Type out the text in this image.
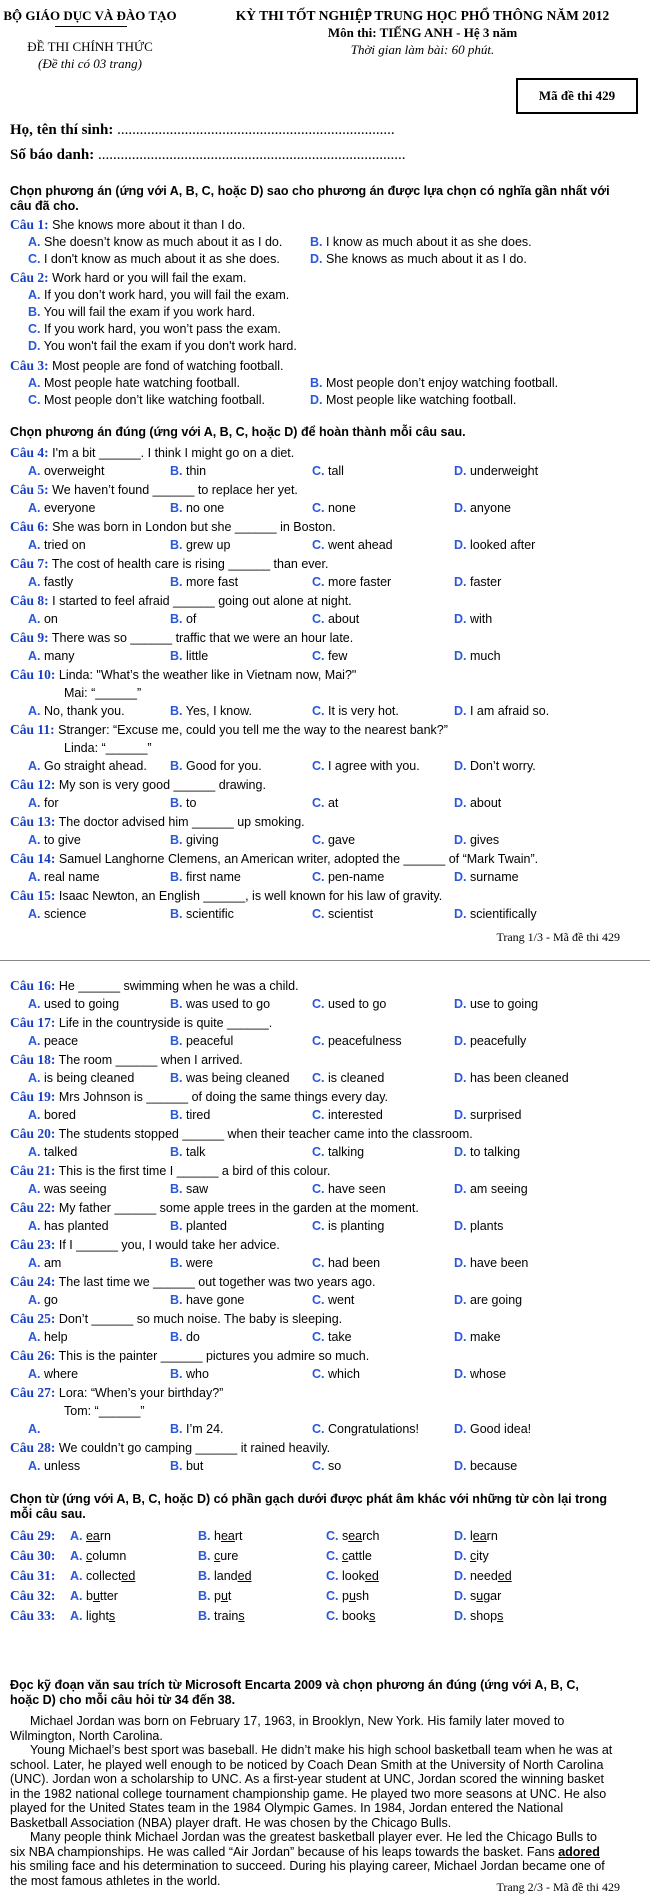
BỘ GIÁO DỤC VÀ ĐÀO TẠO
ĐỀ THI CHÍNH THỨC
(Đề thi có 03 trang)
KỲ THI TỐT NGHIỆP TRUNG HỌC PHỔ THÔNG NĂM 2012
Môn thi: TIẾNG ANH - Hệ 3 năm
Thời gian làm bài: 60 phút.
Mã đề thi 429
Họ, tên thí sinh: ..........................................................................
Số báo danh: ..................................................................................
Chọn phương án (ứng với A, B, C, hoặc D) sao cho phương án được lựa chọn có nghĩa gần nhất với câu đã cho.
Câu 1: She knows more about it than I do.
A. She doesn’t know as much about it as I do. B. I know as much about it as she does.
C. I don't know as much about it as she does. D. She knows as much about it as I do.
Câu 2: Work hard or you will fail the exam.
A. If you don’t work hard, you will fail the exam.
B. You will fail the exam if you work hard.
C. If you work hard, you won’t pass the exam.
D. You won't fail the exam if you don't work hard.
Câu 3: Most people are fond of watching football.
A. Most people hate watching football.	B. Most people don’t enjoy watching football.
C. Most people don’t like watching football.	D. Most people like watching football.
Chọn phương án đúng (ứng với A, B, C, hoặc D) để hoàn thành mỗi câu sau.
Câu 4: I'm a bit ______. I think I might go on a diet.
A. overweight	B. thin	C. tall	D. underweight
Câu 5: We haven’t found ______ to replace her yet.
A. everyone	B. no one	C. none	D. anyone
Câu 6: She was born in London but she ______ in Boston.
A. tried on	B. grew up	C. went ahead	D. looked after
Câu 7: The cost of health care is rising ______ than ever.
A. fastly	B. more fast	C. more faster	D. faster
Câu 8: I started to feel afraid ______ going out alone at night.
A. on	B. of	C. about	D. with
Câu 9: There was so ______ traffic that we were an hour late.
A. many	B. little	C. few	D. much
Câu 10: Linda: "What’s the weather like in Vietnam now, Mai?"
Mai: “______”
A. No, thank you.	B. Yes, I know.	C. It is very hot.	D. I am afraid so.
Câu 11: Stranger: “Excuse me, could you tell me the way to the nearest bank?”
Linda: “______”
A. Go straight ahead. B. Good for you.	C. I agree with you.	D. Don’t worry.
Câu 12: My son is very good ______ drawing.
A. for	B. to	C. at	D. about
Câu 13: The doctor advised him ______ up smoking.
A. to give	B. giving	C. gave	D. gives
Câu 14: Samuel Langhorne Clemens, an American writer, adopted the ______ of “Mark Twain”.
A. real name	B. first name	C. pen-name	D. surname
Câu 15: Isaac Newton, an English ______, is well known for his law of gravity.
A. science	B. scientific	C. scientist	D. scientifically
Trang 1/3 - Mã đề thi 429
Câu 16: He ______ swimming when he was a child.
A. used to going	B. was used to go	C. used to go	D. use to going
Câu 17: Life in the countryside is quite ______.
A. peace	B. peaceful	C. peacefulness	D. peacefully
Câu 18: The room ______ when I arrived.
A. is being cleaned	B. was being cleaned C. is cleaned	D. has been cleaned
Câu 19: Mrs Johnson is ______ of doing the same things every day.
A. bored	B. tired	C. interested	D. surprised
Câu 20: The students stopped ______ when their teacher came into the classroom.
A. talked	B. talk	C. talking	D. to talking
Câu 21: This is the first time I ______ a bird of this colour.
A. was seeing	B. saw	C. have seen	D. am seeing
Câu 22: My father ______ some apple trees in the garden at the moment.
A. has planted	B. planted	C. is planting	D. plants
Câu 23: If I ______ you, I would take her advice.
A. am	B. were	C. had been	D. have been
Câu 24: The last time we ______ out together was two years ago.
A. go	B. have gone	C. went	D. are going
Câu 25: Don’t ______ so much noise. The baby is sleeping.
A. help	B. do	C. take	D. make
Câu 26: This is the painter ______ pictures you admire so much.
A. where	B. who	C. which	D. whose
Câu 27: Lora: “When’s your birthday?”
Tom: “______”
A.	B. I’m 24.	C. Congratulations!	D. Good idea!
Câu 28: We couldn’t go camping ______ it rained heavily.
A. unless	B. but	C. so	D. because
Chọn từ (ứng với A, B, C, hoặc D) có phần gạch dưới được phát âm khác với những từ còn lại trong mỗi câu sau.
Câu 29: A. earn	B. heart	C. search	D. learn
Câu 30: A. column	B. cure	C. cattle	D. city
Câu 31: A. collected	B. landed	C. looked	D. needed
Câu 32: A. butter	B. put	C. push	D. sugar
Câu 33: A. lights	B. trains	C. books	D. shops
Đọc kỹ đoạn văn sau trích từ Microsoft Encarta 2009 và chọn phương án đúng (ứng với A, B, C, hoặc D) cho mỗi câu hỏi từ 34 đến 38.
Michael Jordan was born on February 17, 1963, in Brooklyn, New York. His family later moved to Wilmington, North Carolina.
Young Michael’s best sport was baseball. He didn’t make his high school basketball team when he was at school. Later, he played well enough to be noticed by Coach Dean Smith at the University of North Carolina (UNC). Jordan won a scholarship to UNC. As a first-year student at UNC, Jordan scored the winning basket in the 1982 national college tournament championship game. He played two more seasons at UNC. He also played for the United States team in the 1984 Olympic Games. In 1984, Jordan entered the National Basketball Association (NBA) player draft. He was chosen by the Chicago Bulls.
Many people think Michael Jordan was the greatest basketball player ever. He led the Chicago Bulls to six NBA championships. He was called “Air Jordan” because of his leaps towards the basket. Fans adored his smiling face and his determination to succeed. During his playing career, Michael Jordan became one of the most famous athletes in the world.	Trang 2/3 - Mã đề thi 429
